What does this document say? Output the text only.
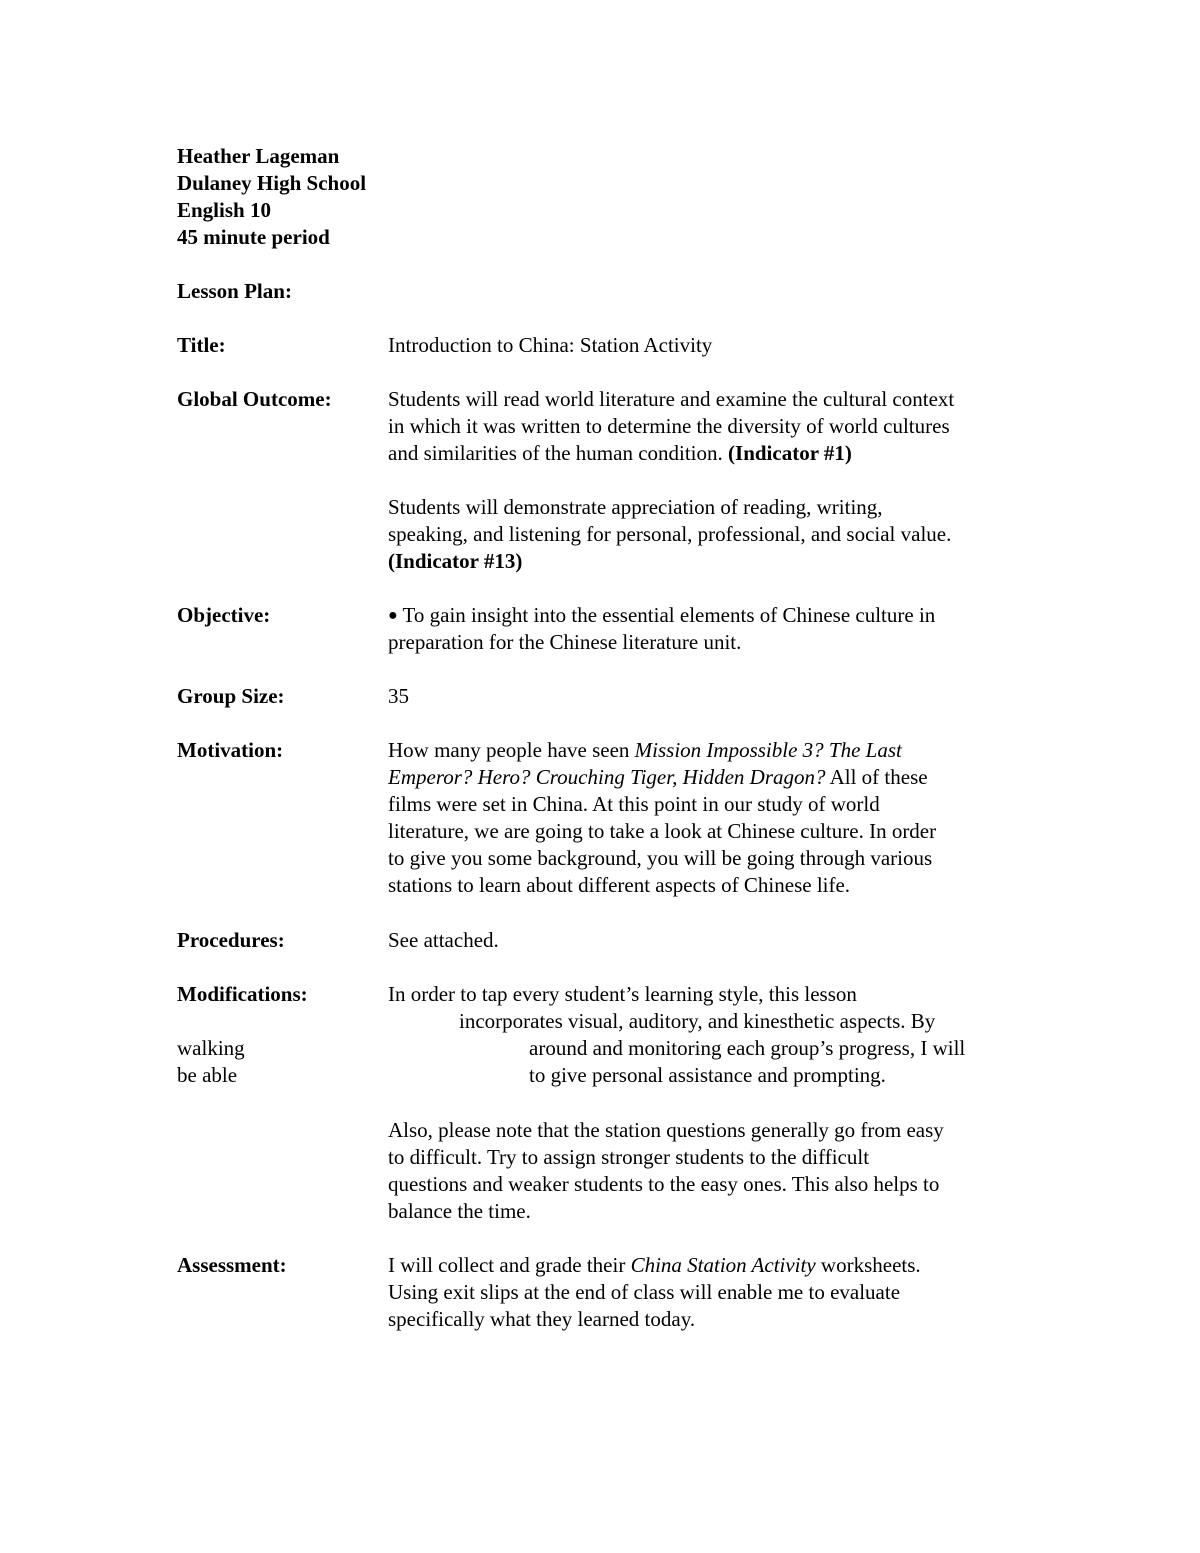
Heather Lageman
Dulaney High School
English 10
45 minute period
Lesson Plan:
Title:	Introduction to China: Station Activity
Global Outcome:	Students will read world literature and examine the cultural context
in which it was written to determine the diversity of world cultures
and similarities of the human condition. (Indicator #1)
Students will demonstrate appreciation of reading, writing,
speaking, and listening for personal, professional, and social value.
(Indicator #13)
Objective:	● To gain insight into the essential elements of Chinese culture in
preparation for the Chinese literature unit.
Group Size:	35
Motivation:	How many people have seen Mission Impossible 3? The Last
Emperor? Hero? Crouching Tiger, Hidden Dragon? All of these
films were set in China. At this point in our study of world
literature, we are going to take a look at Chinese culture. In order
to give you some background, you will be going through various
stations to learn about different aspects of Chinese life.
Procedures:	See attached.
Modifications:	In order to tap every student’s learning style, this lesson
incorporates visual, auditory, and kinesthetic aspects. By
walking	around and monitoring each group’s progress, I will
be able	to give personal assistance and prompting.
Also, please note that the station questions generally go from easy
to difficult. Try to assign stronger students to the difficult
questions and weaker students to the easy ones. This also helps to
balance the time.
Assessment:	I will collect and grade their China Station Activity worksheets.
Using exit slips at the end of class will enable me to evaluate
specifically what they learned today.
